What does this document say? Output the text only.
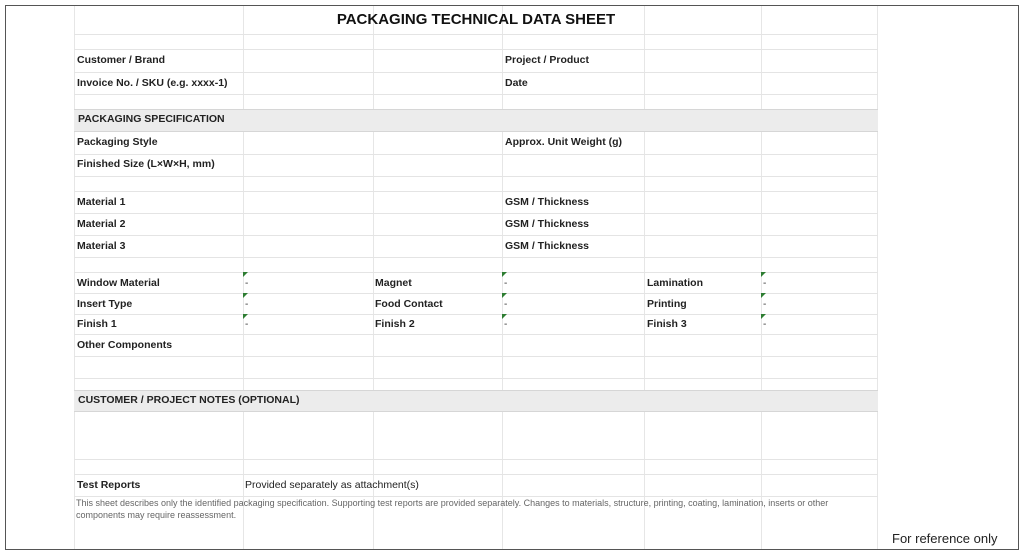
PACKAGING TECHNICAL DATA SHEET
Customer / Brand	Project / Product
Invoice No. / SKU (e.g. xxxx-1)	Date
PACKAGING SPECIFICATION
Packaging Style	Approx. Unit Weight (g)
Finished Size (L×W×H, mm)
Material 1	GSM / Thickness
Material 2	GSM / Thickness
Material 3	GSM / Thickness
Window Material	-	Magnet	-	Lamination	-
Insert Type	-	Food Contact	-	Printing	-
Finish 1	-	Finish 2	-	Finish 3	-
Other Components
CUSTOMER / PROJECT NOTES (OPTIONAL)
Test Reports	Provided separately as attachment(s)
This sheet describes only the identified packaging specification. Supporting test reports are provided separately. Changes to materials, structure, printing, coating, lamination, inserts or other components may require reassessment.
For reference only
